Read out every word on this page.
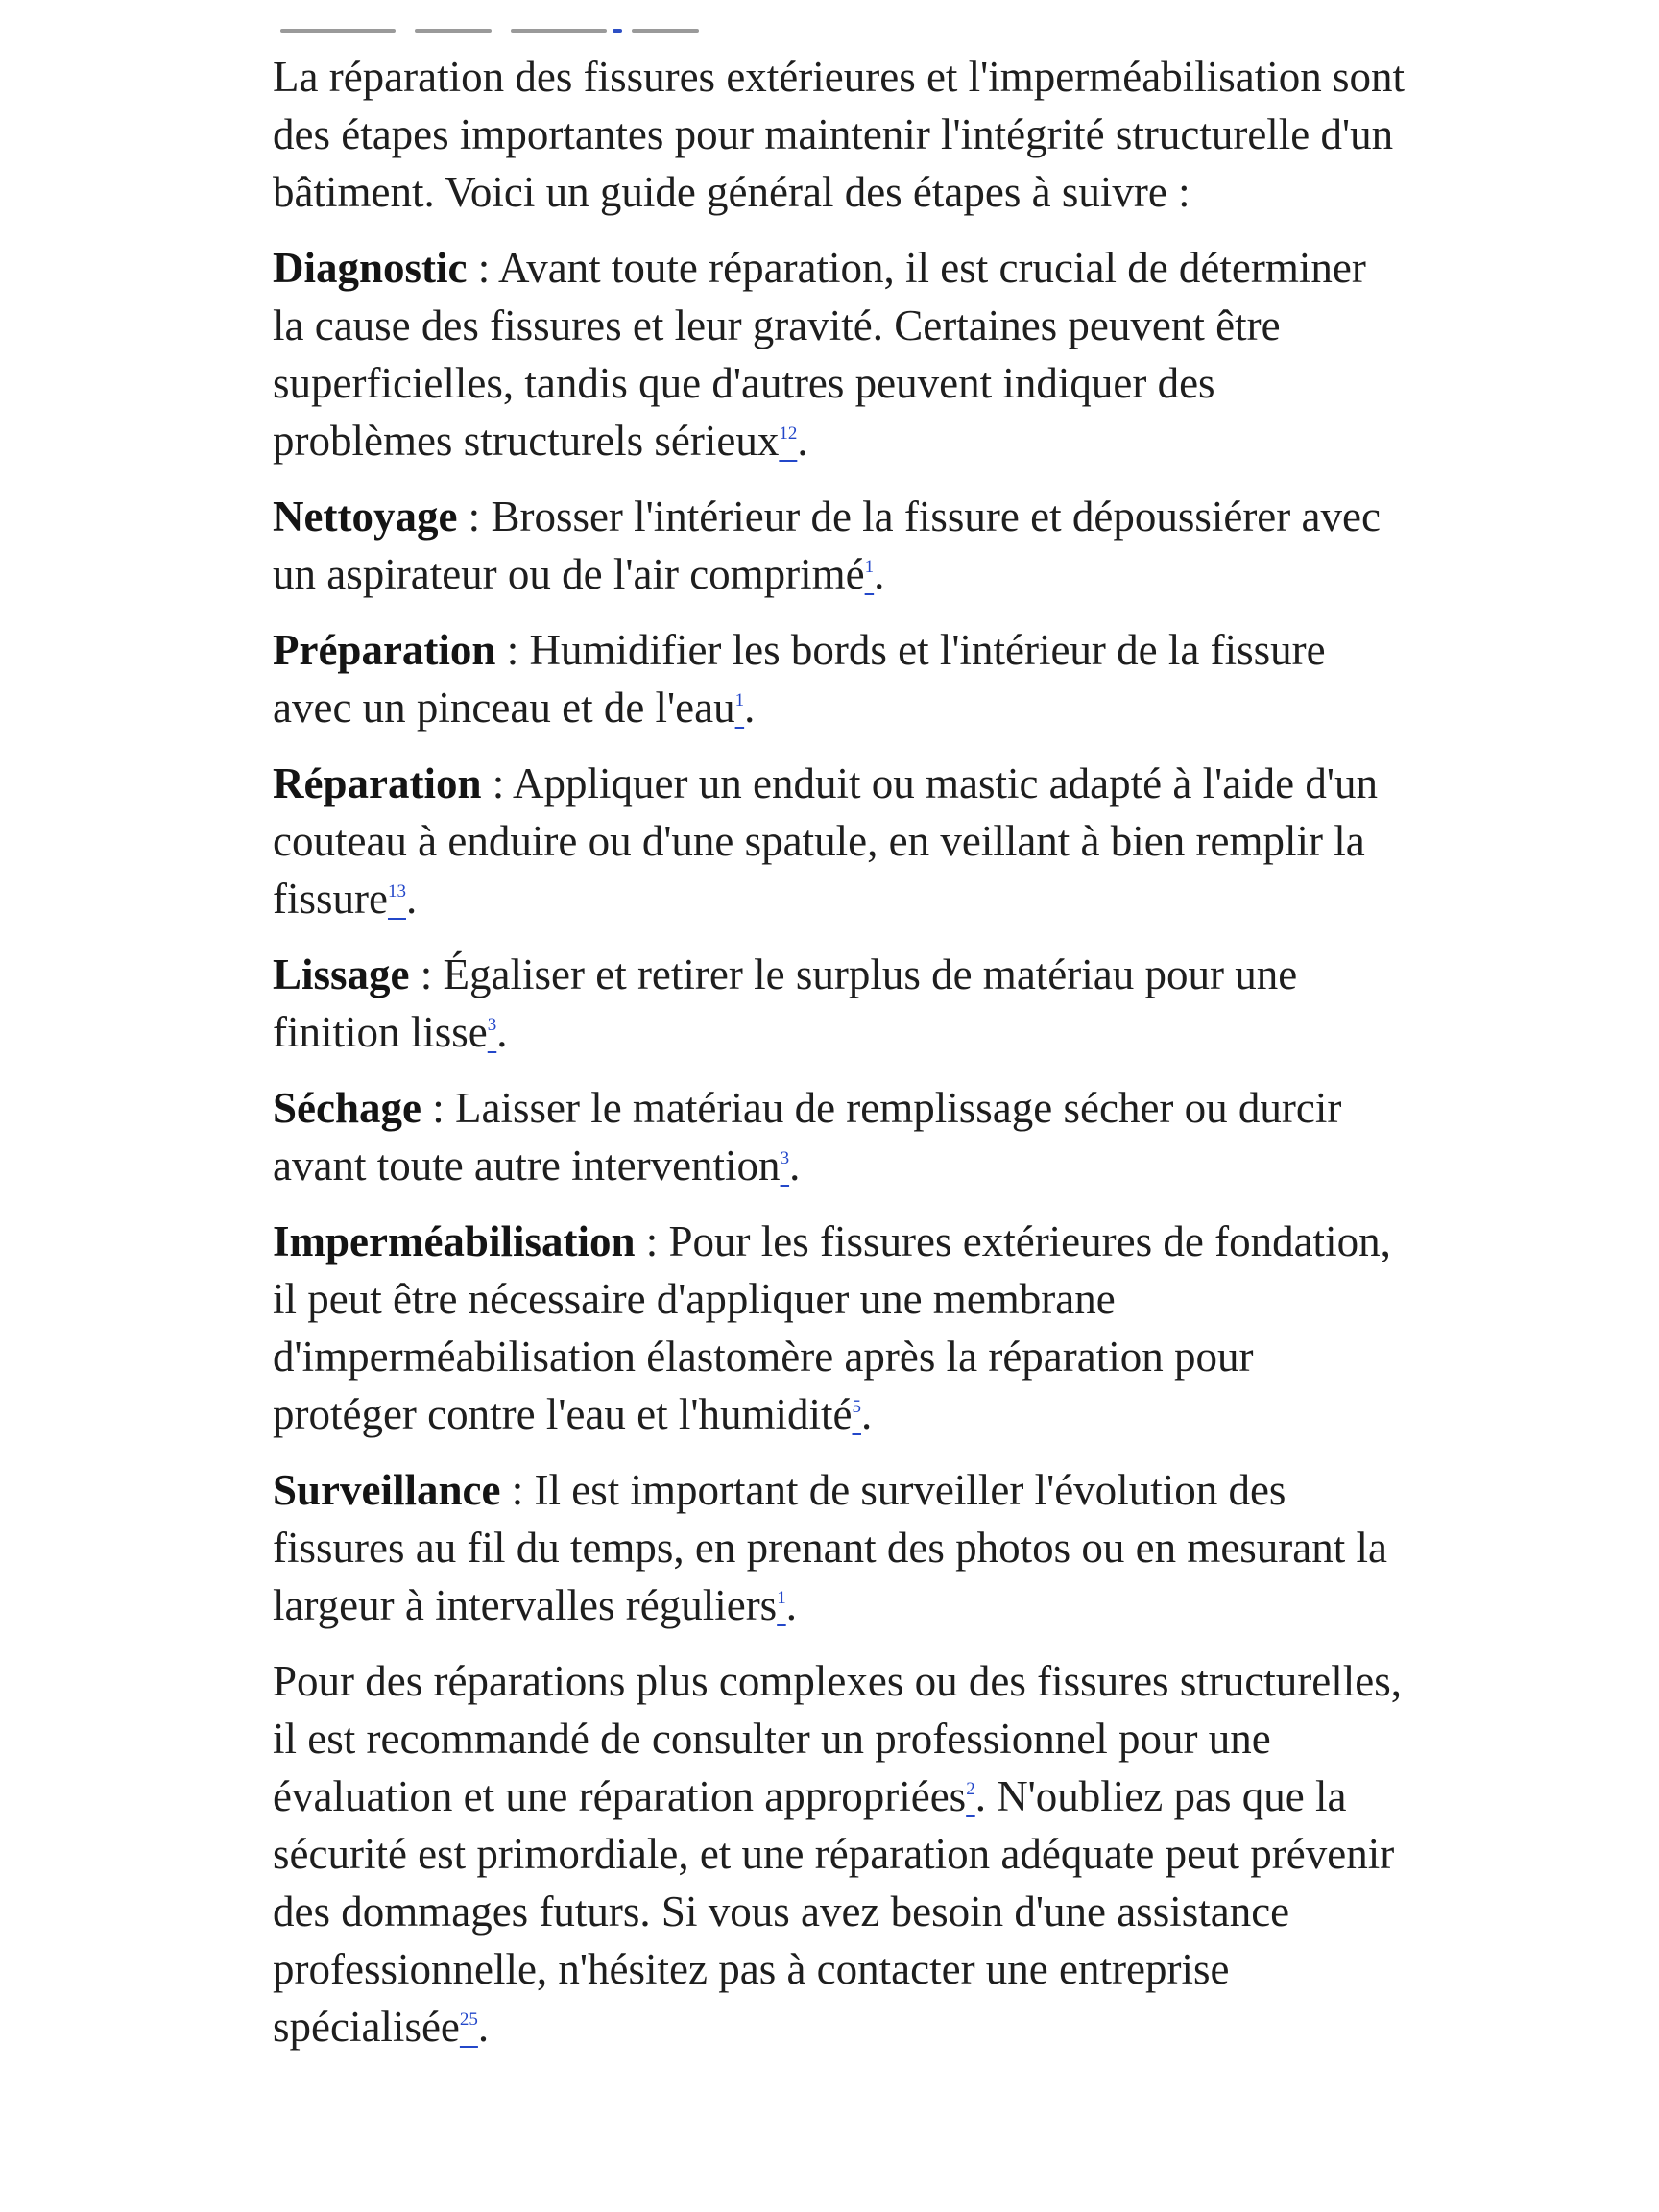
La réparation des fissures extérieures et l'imperméabilisation sont des étapes importantes pour maintenir l'intégrité structurelle d'un bâtiment. Voici un guide général des étapes à suivre :

Diagnostic : Avant toute réparation, il est crucial de déterminer la cause des fissures et leur gravité. Certaines peuvent être superficielles, tandis que d'autres peuvent indiquer des problèmes structurels sérieux$^{12}$.

Nettoyage : Brosser l'intérieur de la fissure et dépoussiérer avec un aspirateur ou de l'air comprimé$^1$.

Préparation : Humidifier les bords et l'intérieur de la fissure avec un pinceau et de l'eau$^1$.

Réparation : Appliquer un enduit ou mastic adapté à l'aide d'un couteau à enduire ou d'une spatule, en veillant à bien remplir la fissure$^{13}$.

Lissage : Égaliser et retirer le surplus de matériau pour une finition lisse$^3$.

Séchage : Laisser le matériau de remplissage sécher ou durcir avant toute autre intervention$^3$.

Imperméabilisation : Pour les fissures extérieures de fondation, il peut être nécessaire d'appliquer une membrane d'imperméabilisation élastomère après la réparation pour protéger contre l'eau et l'humidité$^5$.

Surveillance : Il est important de surveiller l'évolution des fissures au fil du temps, en prenant des photos ou en mesurant la largeur à intervalles réguliers$^1$.

Pour des réparations plus complexes ou des fissures structurelles, il est recommandé de consulter un professionnel pour une évaluation et une réparation appropriées$^2$. N'oubliez pas que la sécurité est primordiale, et une réparation adéquate peut prévenir des dommages futurs. Si vous avez besoin d'une assistance professionnelle, n'hésitez pas à contacter une entreprise spécialisée$^{25}$.
